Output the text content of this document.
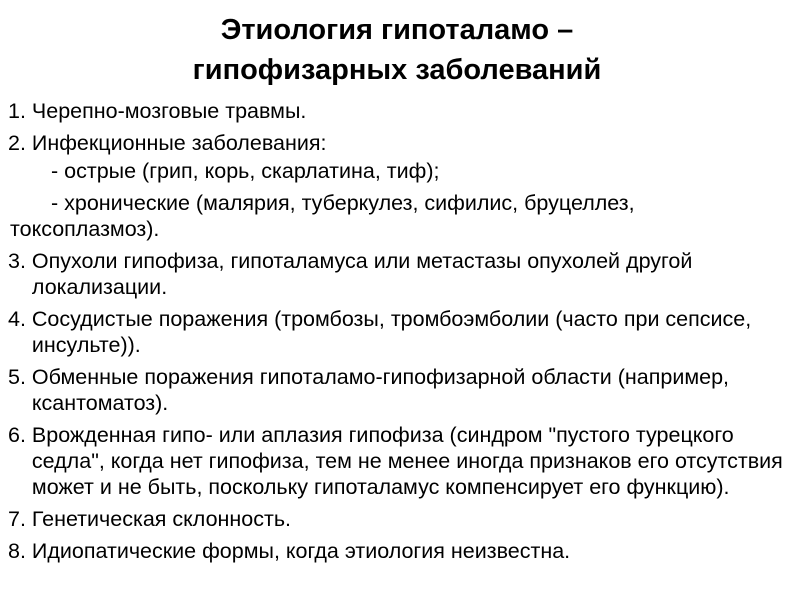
Этиология гипоталамо –
гипофизарных заболеваний
1. Черепно-мозговые травмы.
2. Инфекционные заболевания:
- острые (грип, корь, скарлатина, тиф);
- хронические (малярия, туберкулез, сифилис, бруцеллез,
токсоплазмоз).
3. Опухоли гипофиза, гипоталамуса или метастазы опухолей другой локализации.
4. Сосудистые поражения (тромбозы, тромбоэмболии (часто при сепсисе, инсульте)).
5. Обменные поражения гипоталамо-гипофизарной области (например, ксантоматоз).
6. Врожденная гипо- или аплазия гипофиза (синдром "пустого турецкого седла", когда нет гипофиза, тем не менее иногда признаков его отсутствия может и не быть, поскольку гипоталамус компенсирует его функцию).
7. Генетическая склонность.
8. Идиопатические формы, когда этиология неизвестна.
